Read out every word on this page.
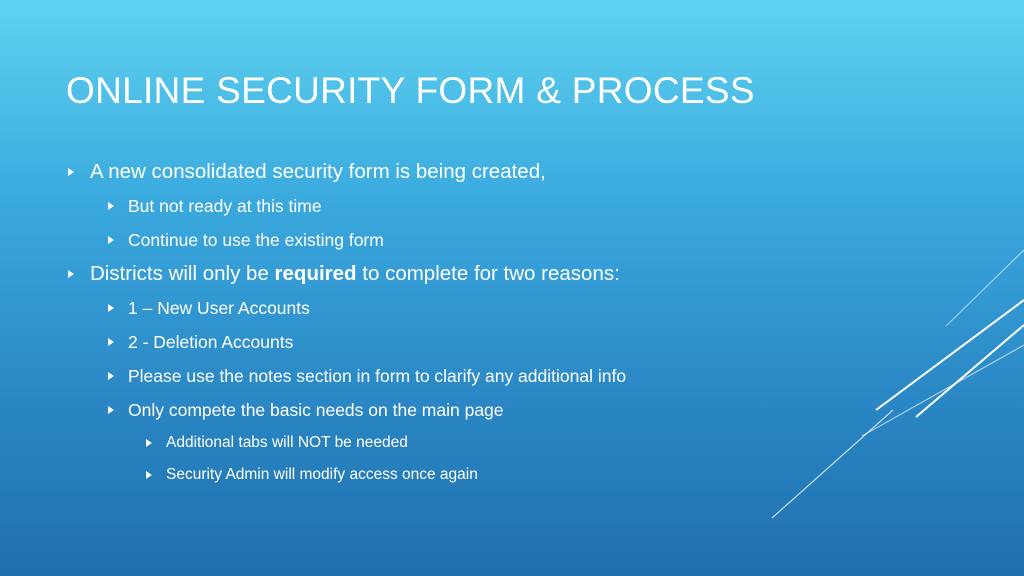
ONLINE SECURITY FORM & PROCESS
A new consolidated security form is being created,
But not ready at this time
Continue to use the existing form
Districts will only be required to complete for two reasons:
1 – New User Accounts
2 - Deletion Accounts
Please use the notes section in form to clarify any additional info
Only compete the basic needs on the main page
Additional tabs will NOT be needed
Security Admin will modify access once again
